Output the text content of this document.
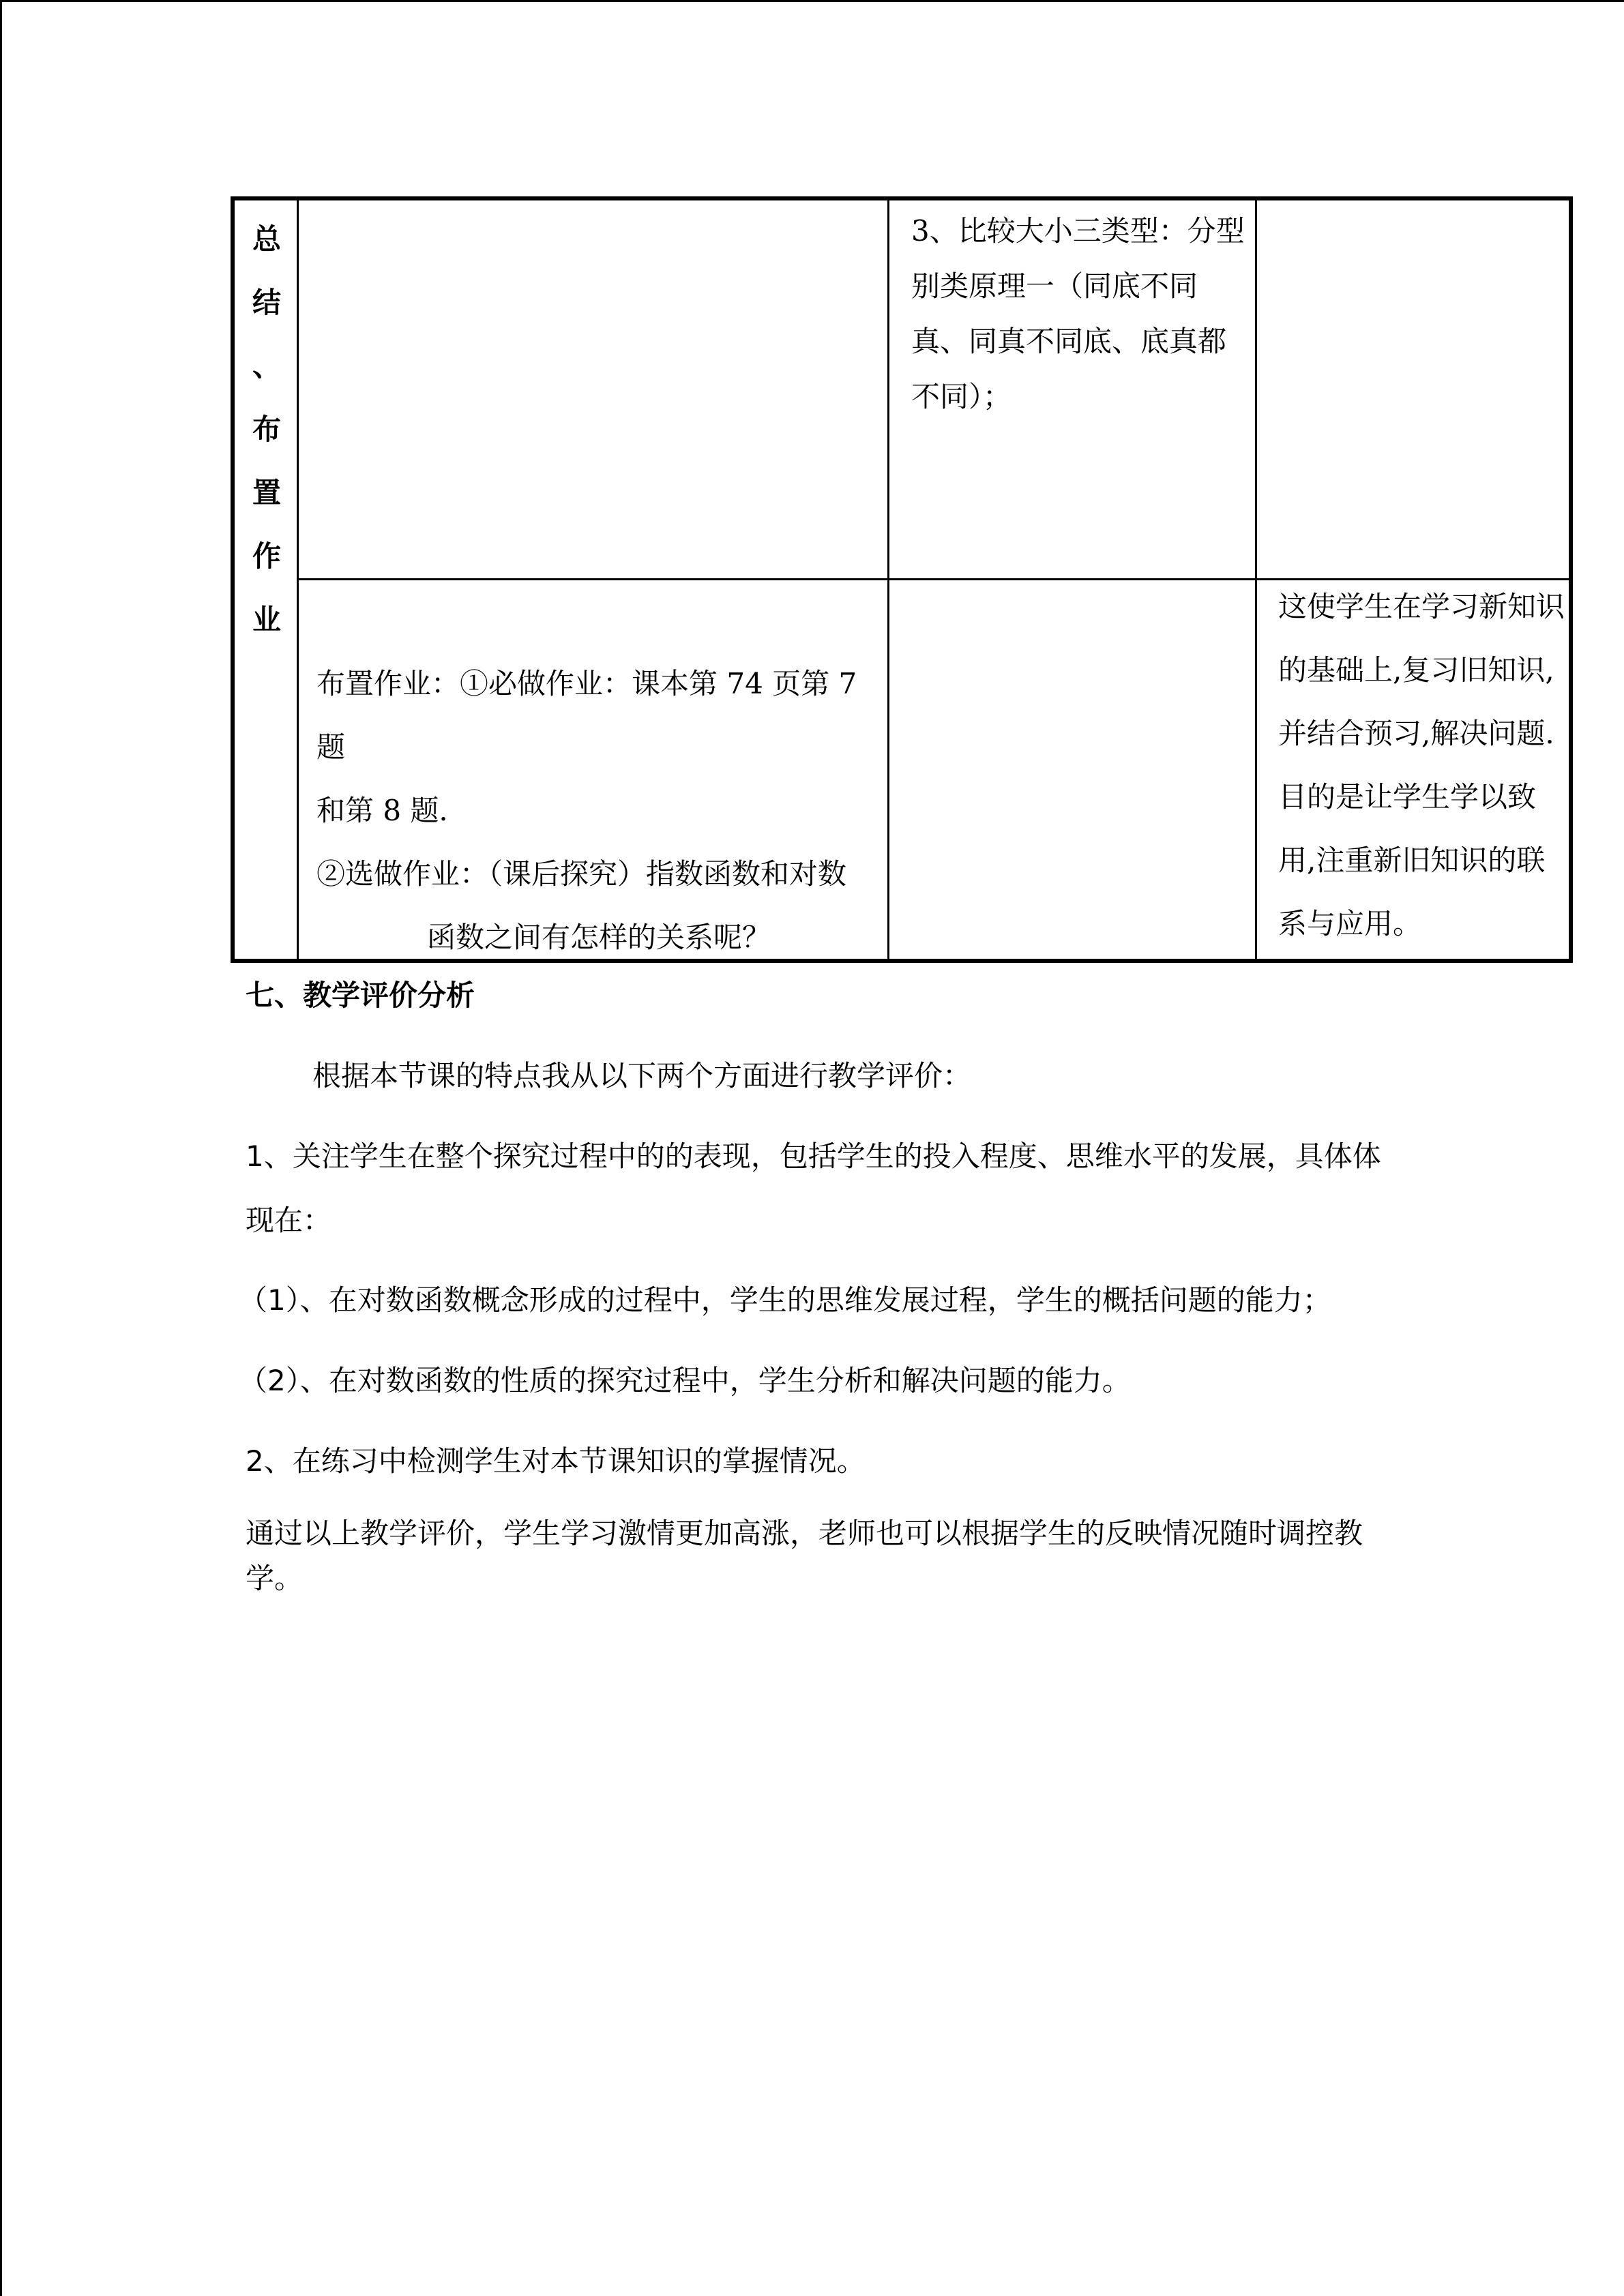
总
结
、
布
置
作
业
3、比较大小三类型：分型
别类原理一（同底不同
真、同真不同底、底真都
不同）；
布置作业：①必做作业：课本第 74 页第 7 题
和第 8 题.
②选做作业：（课后探究）指数函数和对数
函数之间有怎样的关系呢？
这使学生在学习新知识
的基础上,复习旧知识,
并结合预习,解决问题.
目的是让学生学以致
用,注重新旧知识的联
系与应用。
七、教学评价分析
根据本节课的特点我从以下两个方面进行教学评价：
1、关注学生在整个探究过程中的的表现，包括学生的投入程度、思维水平的发展，具体体
现在：
（1）、在对数函数概念形成的过程中，学生的思维发展过程，学生的概括问题的能力；
（2）、在对数函数的性质的探究过程中，学生分析和解决问题的能力。
2、在练习中检测学生对本节课知识的掌握情况。
通过以上教学评价，学生学习激情更加高涨，老师也可以根据学生的反映情况随时调控教学。
